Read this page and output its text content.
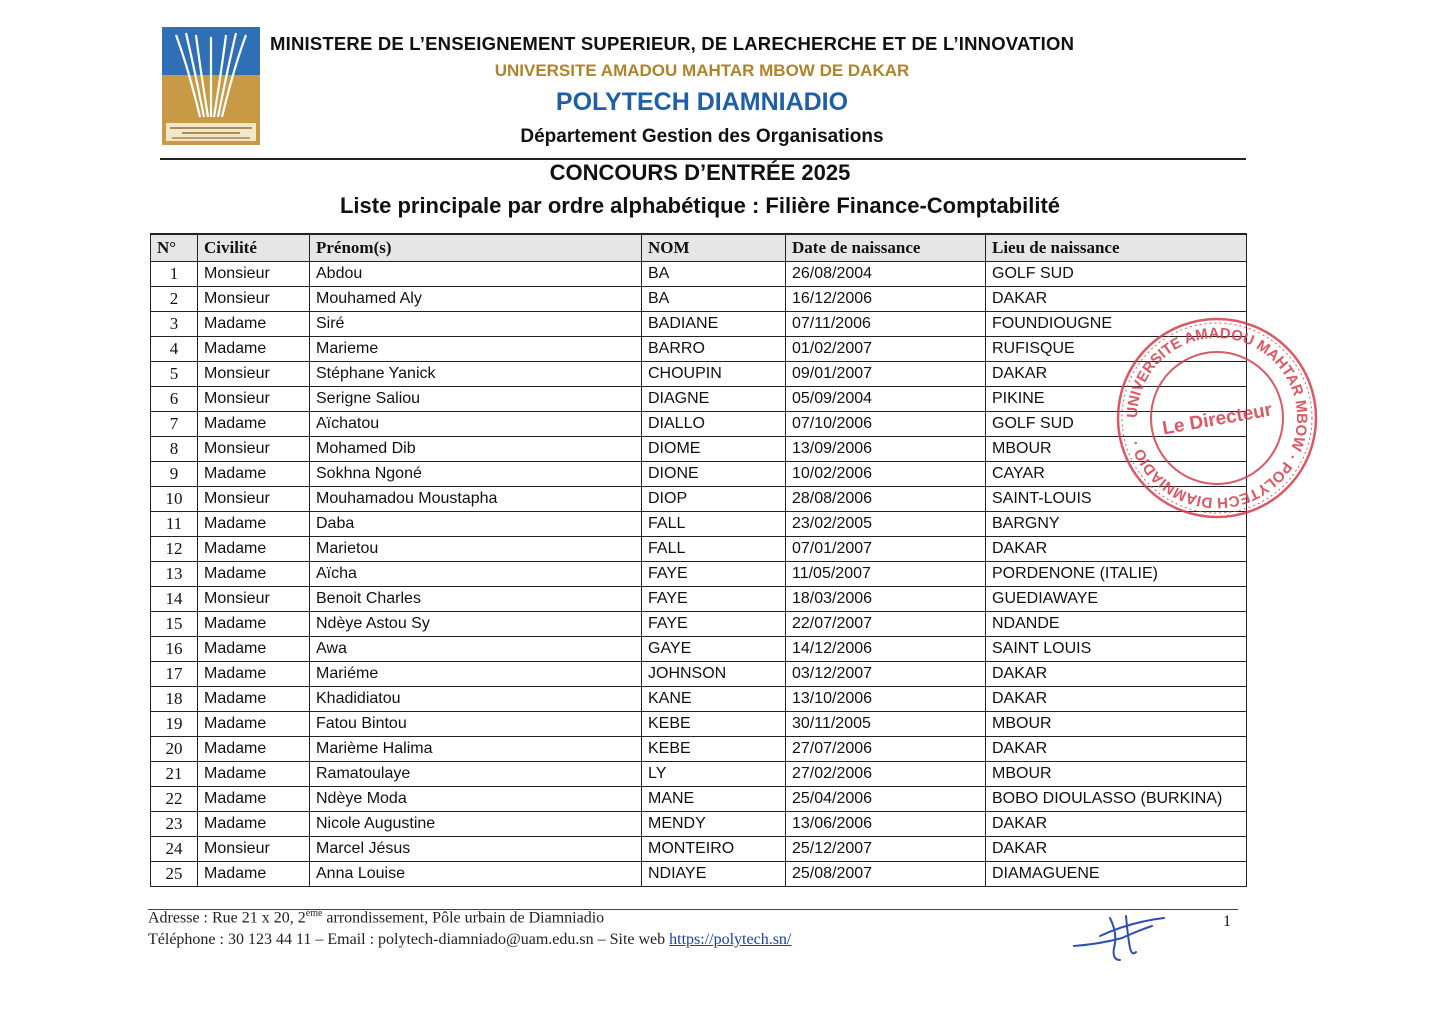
MINISTERE DE L’ENSEIGNEMENT SUPERIEUR, DE LARECHERCHE ET DE L’INNOVATION
UNIVERSITE AMADOU MAHTAR MBOW DE DAKAR
POLYTECH DIAMNIADIO
Département Gestion des Organisations
CONCOURS D’ENTRÉE 2025
Liste principale par ordre alphabétique : Filière Finance-Comptabilité
N°	Civilité	Prénom(s)	NOM	Date de naissance	Lieu de naissance
1	Monsieur	Abdou	BA	26/08/2004	GOLF SUD
2	Monsieur	Mouhamed Aly	BA	16/12/2006	DAKAR
3	Madame	Siré	BADIANE	07/11/2006	FOUNDIOUGNE
4	Madame	Marieme	BARRO	01/02/2007	RUFISQUE
5	Monsieur	Stéphane Yanick	CHOUPIN	09/01/2007	DAKAR
6	Monsieur	Serigne Saliou	DIAGNE	05/09/2004	PIKINE
7	Madame	Aïchatou	DIALLO	07/10/2006	GOLF SUD
8	Monsieur	Mohamed Dib	DIOME	13/09/2006	MBOUR
9	Madame	Sokhna Ngoné	DIONE	10/02/2006	CAYAR
10	Monsieur	Mouhamadou Moustapha	DIOP	28/08/2006	SAINT-LOUIS
11	Madame	Daba	FALL	23/02/2005	BARGNY
12	Madame	Marietou	FALL	07/01/2007	DAKAR
13	Madame	Aïcha	FAYE	11/05/2007	PORDENONE (ITALIE)
14	Monsieur	Benoit Charles	FAYE	18/03/2006	GUEDIAWAYE
15	Madame	Ndèye Astou Sy	FAYE	22/07/2007	NDANDE
16	Madame	Awa	GAYE	14/12/2006	SAINT LOUIS
17	Madame	Mariéme	JOHNSON	03/12/2007	DAKAR
18	Madame	Khadidiatou	KANE	13/10/2006	DAKAR
19	Madame	Fatou Bintou	KEBE	30/11/2005	MBOUR
20	Madame	Marième Halima	KEBE	27/07/2006	DAKAR
21	Madame	Ramatoulaye	LY	27/02/2006	MBOUR
22	Madame	Ndèye Moda	MANE	25/04/2006	BOBO DIOULASSO (BURKINA)
23	Madame	Nicole Augustine	MENDY	13/06/2006	DAKAR
24	Monsieur	Marcel Jésus	MONTEIRO	25/12/2007	DAKAR
25	Madame	Anna Louise	NDIAYE	25/08/2007	DIAMAGUENE
UNIVERSITE AMADOU MAHTAR MBOW · POLYTECH DIAMNIADIO ·
Le Directeur
Adresse : Rue 21 x 20, 2ème arrondissement, Pôle urbain de Diamniadio
Téléphone : 30 123 44 11 – Email : polytech-diamniado@uam.edu.sn – Site web https://polytech.sn/
1
